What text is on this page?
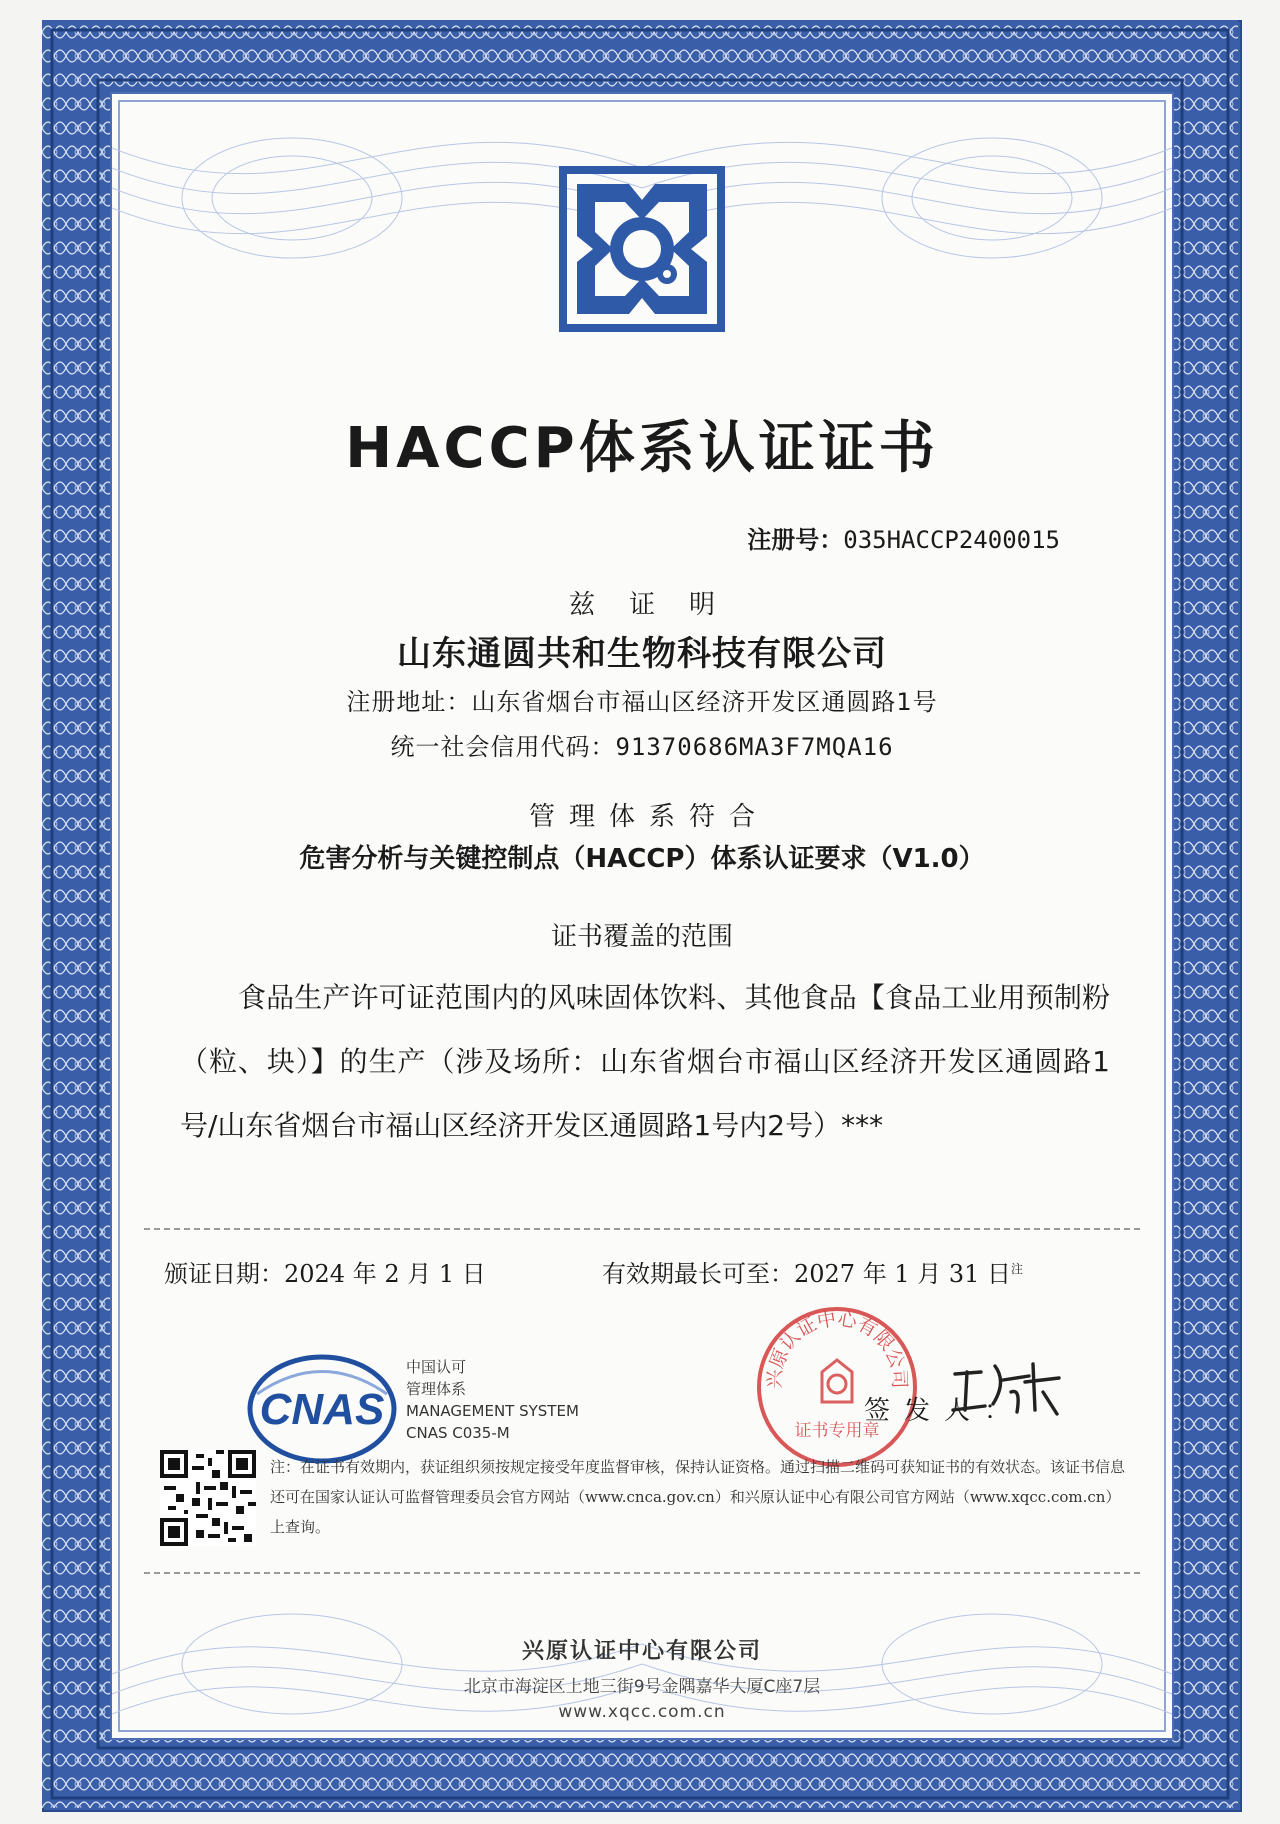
HACCP体系认证证书
注册号：035HACCP2400015
兹证明
山东通圆共和生物科技有限公司
注册地址：山东省烟台市福山区经济开发区通圆路1号
统一社会信用代码：91370686MA3F7MQA16
管理体系符合
危害分析与关键控制点（HACCP）体系认证要求（V1.0）
证书覆盖的范围
食品生产许可证范围内的风味固体饮料、其他食品【食品工业用预制粉（粒、块）】的生产（涉及场所：山东省烟台市福山区经济开发区通圆路1号/山东省烟台市福山区经济开发区通圆路1号内2号）***
颁证日期：2024 年 2 月 1 日	有效期最长可至：2027 年 1 月 31 日$^注$
CNAS
中国认可
管理体系
MANAGEMENT SYSTEM
CNAS C035-M
兴原认证中心有限公司
证书专用章
签发人：
注：在证书有效期内，获证组织须按规定接受年度监督审核，保持认证资格。通过扫描二维码可获知证书的有效状态。该证书信息还可在国家认证认可监督管理委员会官方网站（www.cnca.gov.cn）和兴原认证中心有限公司官方网站（www.xqcc.com.cn）上查询。
兴原认证中心有限公司
北京市海淀区上地三街9号金隅嘉华大厦C座7层
www.xqcc.com.cn
